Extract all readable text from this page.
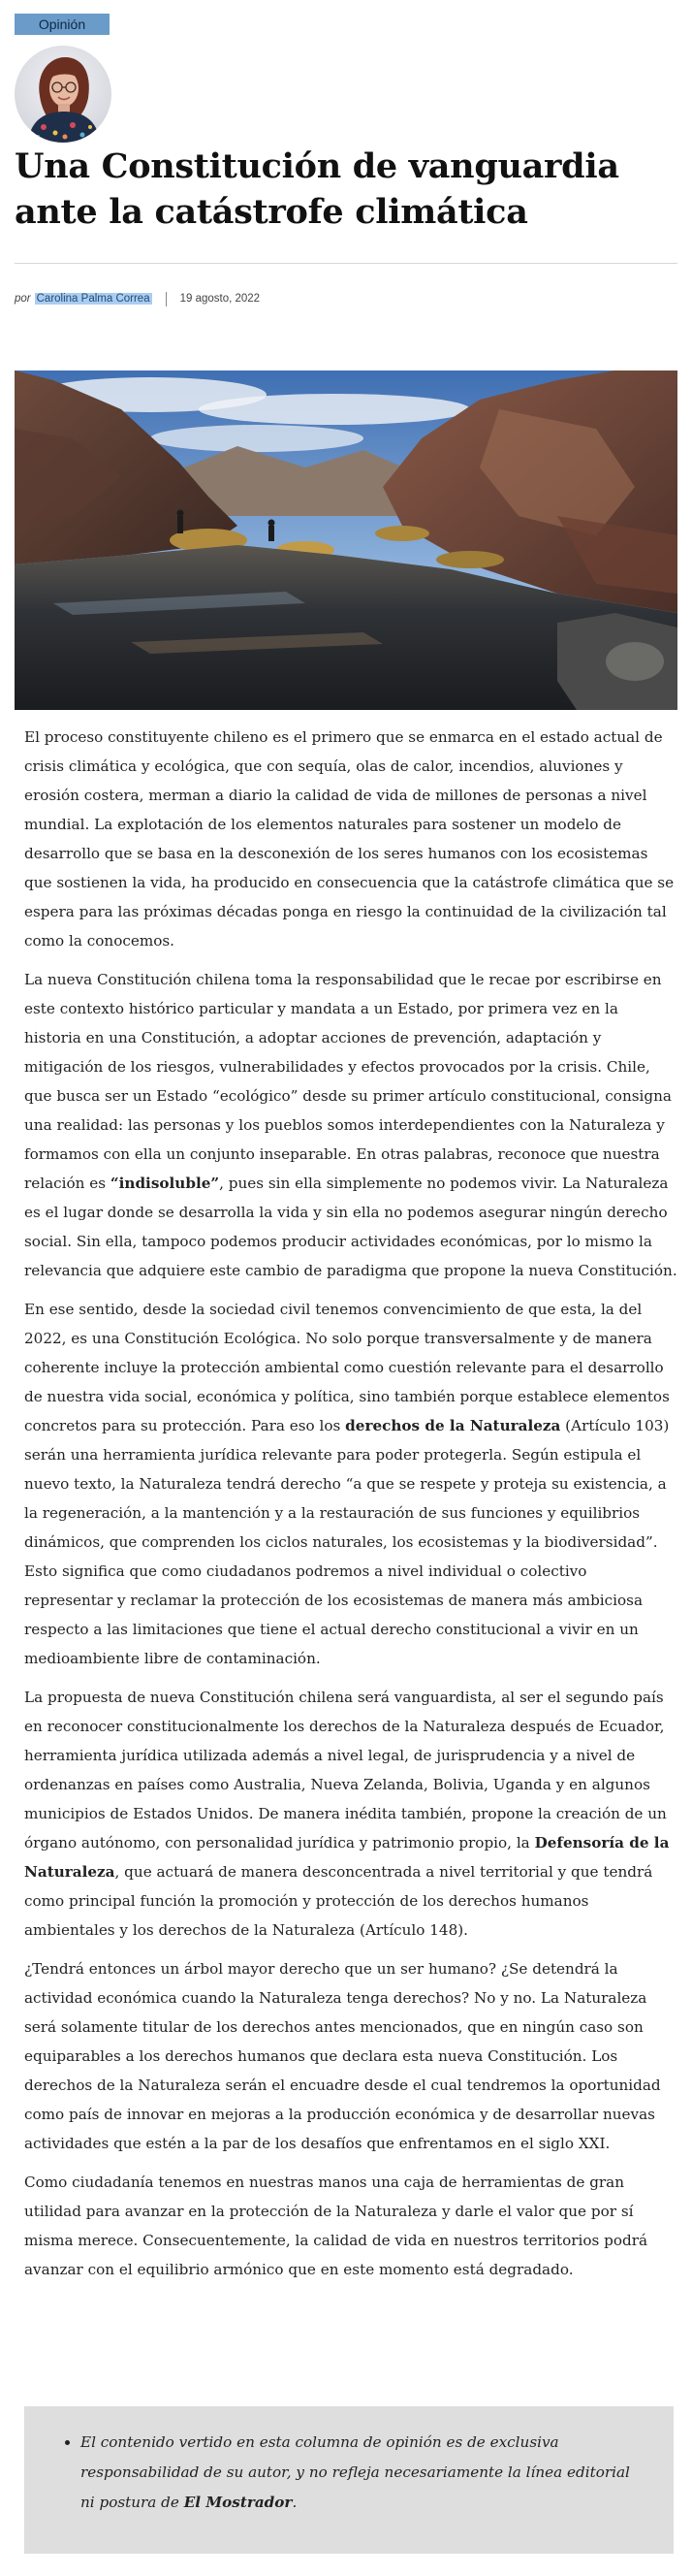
Opinión
Una Constitución de vanguardia ante la catástrofe climática
por Carolina Palma Correa	19 agosto, 2022

El proceso constituyente chileno es el primero que se enmarca en el estado actual de crisis climática y ecológica, que con sequía, olas de calor, incendios, aluviones y erosión costera, merman a diario la calidad de vida de millones de personas a nivel mundial. La explotación de los elementos naturales para sostener un modelo de desarrollo que se basa en la desconexión de los seres humanos con los ecosistemas que sostienen la vida, ha producido en consecuencia que la catástrofe climática que se espera para las próximas décadas ponga en riesgo la continuidad de la civilización tal como la conocemos.

La nueva Constitución chilena toma la responsabilidad que le recae por escribirse en este contexto histórico particular y mandata a un Estado, por primera vez en la historia en una Constitución, a adoptar acciones de prevención, adaptación y mitigación de los riesgos, vulnerabilidades y efectos provocados por la crisis. Chile, que busca ser un Estado “ecológico” desde su primer artículo constitucional, consigna una realidad: las personas y los pueblos somos interdependientes con la Naturaleza y formamos con ella un conjunto inseparable. En otras palabras, reconoce que nuestra relación es “indisoluble”, pues sin ella simplemente no podemos vivir. La Naturaleza es el lugar donde se desarrolla la vida y sin ella no podemos asegurar ningún derecho social. Sin ella, tampoco podemos producir actividades económicas, por lo mismo la relevancia que adquiere este cambio de paradigma que propone la nueva Constitución.

En ese sentido, desde la sociedad civil tenemos convencimiento de que esta, la del 2022, es una Constitución Ecológica. No solo porque transversalmente y de manera coherente incluye la protección ambiental como cuestión relevante para el desarrollo de nuestra vida social, económica y política, sino también porque establece elementos concretos para su protección. Para eso los derechos de la Naturaleza (Artículo 103) serán una herramienta jurídica relevante para poder protegerla. Según estipula el nuevo texto, la Naturaleza tendrá derecho “a que se respete y proteja su existencia, a la regeneración, a la mantención y a la restauración de sus funciones y equilibrios dinámicos, que comprenden los ciclos naturales, los ecosistemas y la biodiversidad”. Esto significa que como ciudadanos podremos a nivel individual o colectivo representar y reclamar la protección de los ecosistemas de manera más ambiciosa respecto a las limitaciones que tiene el actual derecho constitucional a vivir en un medioambiente libre de contaminación.

La propuesta de nueva Constitución chilena será vanguardista, al ser el segundo país en reconocer constitucionalmente los derechos de la Naturaleza después de Ecuador, herramienta jurídica utilizada además a nivel legal, de jurisprudencia y a nivel de ordenanzas en países como Australia, Nueva Zelanda, Bolivia, Uganda y en algunos municipios de Estados Unidos. De manera inédita también, propone la creación de un órgano autónomo, con personalidad jurídica y patrimonio propio, la Defensoría de la Naturaleza, que actuará de manera desconcentrada a nivel territorial y que tendrá como principal función la promoción y protección de los derechos humanos ambientales y los derechos de la Naturaleza (Artículo 148).

¿Tendrá entonces un árbol mayor derecho que un ser humano? ¿Se detendrá la actividad económica cuando la Naturaleza tenga derechos? No y no. La Naturaleza será solamente titular de los derechos antes mencionados, que en ningún caso son equiparables a los derechos humanos que declara esta nueva Constitución. Los derechos de la Naturaleza serán el encuadre desde el cual tendremos la oportunidad como país de innovar en mejoras a la producción económica y de desarrollar nuevas actividades que estén a la par de los desafíos que enfrentamos en el siglo XXI.

Como ciudadanía tenemos en nuestras manos una caja de herramientas de gran utilidad para avanzar en la protección de la Naturaleza y darle el valor que por sí misma merece. Consecuentemente, la calidad de vida en nuestros territorios podrá avanzar con el equilibrio armónico que en este momento está degradado.

• El contenido vertido en esta columna de opinión es de exclusiva responsabilidad de su autor, y no refleja necesariamente la línea editorial ni postura de El Mostrador.
